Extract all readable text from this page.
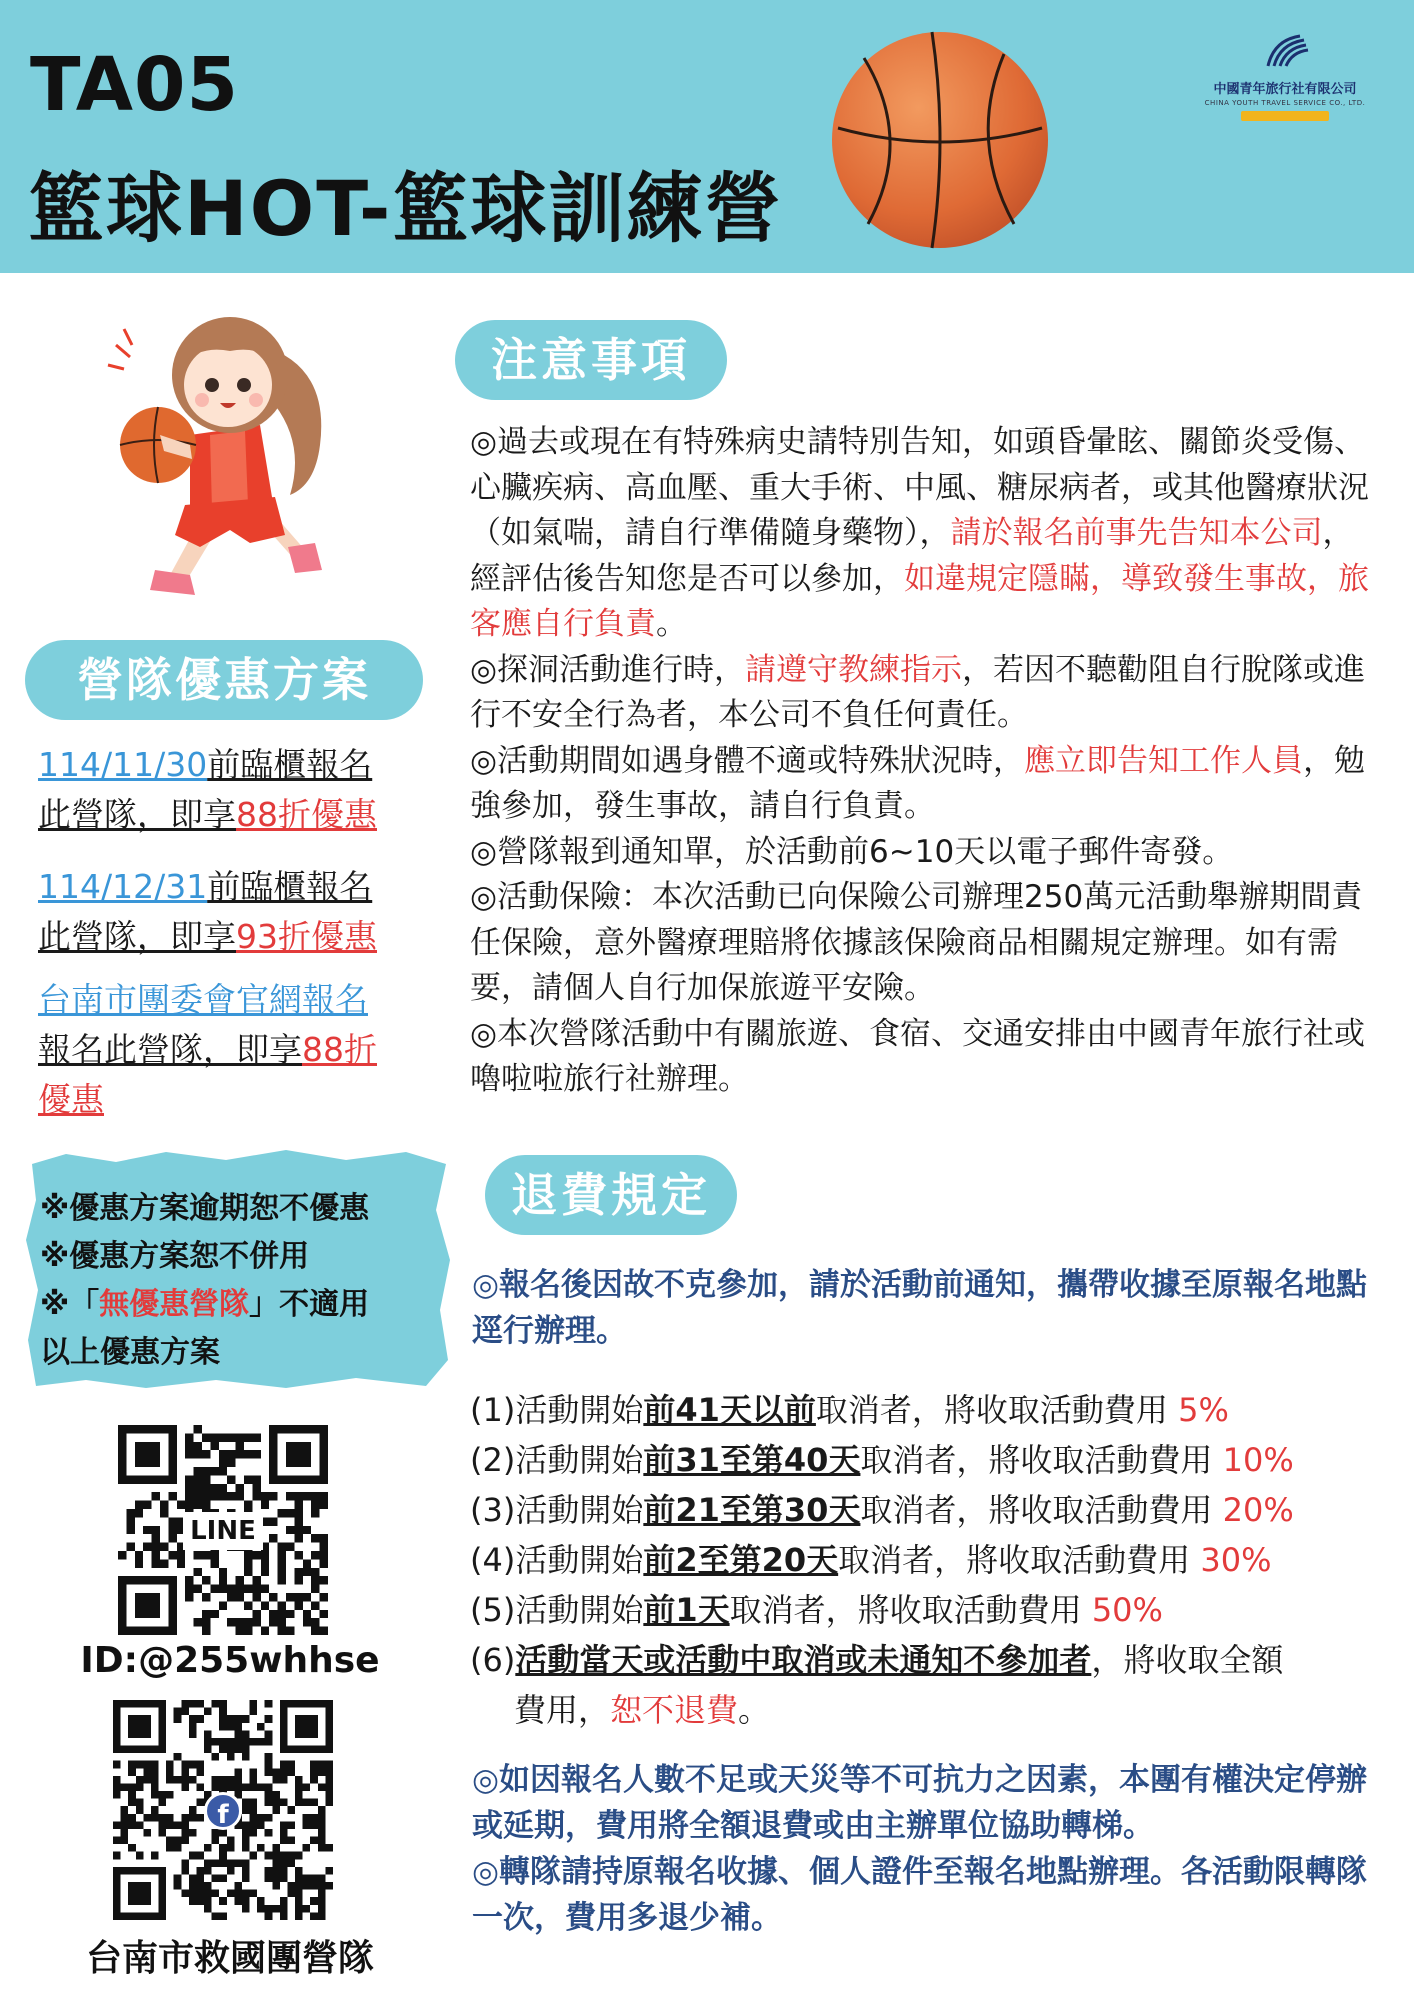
TA05
籃球HOT-籃球訓練營
中國青年旅行社有限公司
CHINA YOUTH TRAVEL SERVICE CO., LTD.
營隊優惠方案
114/11/30前臨櫃報名
此營隊，即享88折優惠
114/12/31前臨櫃報名
此營隊，即享93折優惠
台南市團委會官網報名
報名此營隊，即享88折
優惠
※優惠方案逾期恕不優惠
※優惠方案恕不併用
※「無優惠營隊」不適用
以上優惠方案
LINE
ID:@255whhse
f
台南市救國團營隊
注意事項

◎過去或現在有特殊病史請特別告知，如頭昏暈眩、關節炎受傷、心臟疾病、高血壓、重大手術、中風、糖尿病者，或其他醫療狀況（如氣喘，請自行準備隨身藥物），請於報名前事先告知本公司，經評估後告知您是否可以參加，如違規定隱瞞，導致發生事故，旅客應自行負責。

◎探洞活動進行時，請遵守教練指示，若因不聽勸阻自行脫隊或進行不安全行為者，本公司不負任何責任。

◎活動期間如遇身體不適或特殊狀況時，應立即告知工作人員，勉強參加，發生事故，請自行負責。

◎營隊報到通知單，於活動前6~10天以電子郵件寄發。

◎活動保險：本次活動已向保險公司辦理250萬元活動舉辦期間責任保險，意外醫療理賠將依據該保險商品相關規定辦理。如有需要，請個人自行加保旅遊平安險。

◎本次營隊活動中有關旅遊、食宿、交通安排由中國青年旅行社或嚕啦啦旅行社辦理。

退費規定
◎報名後因故不克參加，請於活動前通知，攜帶收據至原報名地點逕行辦理。
(1)活動開始前41天以前取消者，將收取活動費用 5%
(2)活動開始前31至第40天取消者，將收取活動費用 10%
(3)活動開始前21至第30天取消者，將收取活動費用 20%
(4)活動開始前2至第20天取消者，將收取活動費用 30%
(5)活動開始前1天取消者，將收取活動費用 50%
(6)活動當天或活動中取消或未通知不參加者，將收取全額
費用，恕不退費。
◎如因報名人數不足或天災等不可抗力之因素，本團有權決定停辦或延期，費用將全額退費或由主辦單位協助轉梯。
◎轉隊請持原報名收據、個人證件至報名地點辦理。各活動限轉隊一次，費用多退少補。
